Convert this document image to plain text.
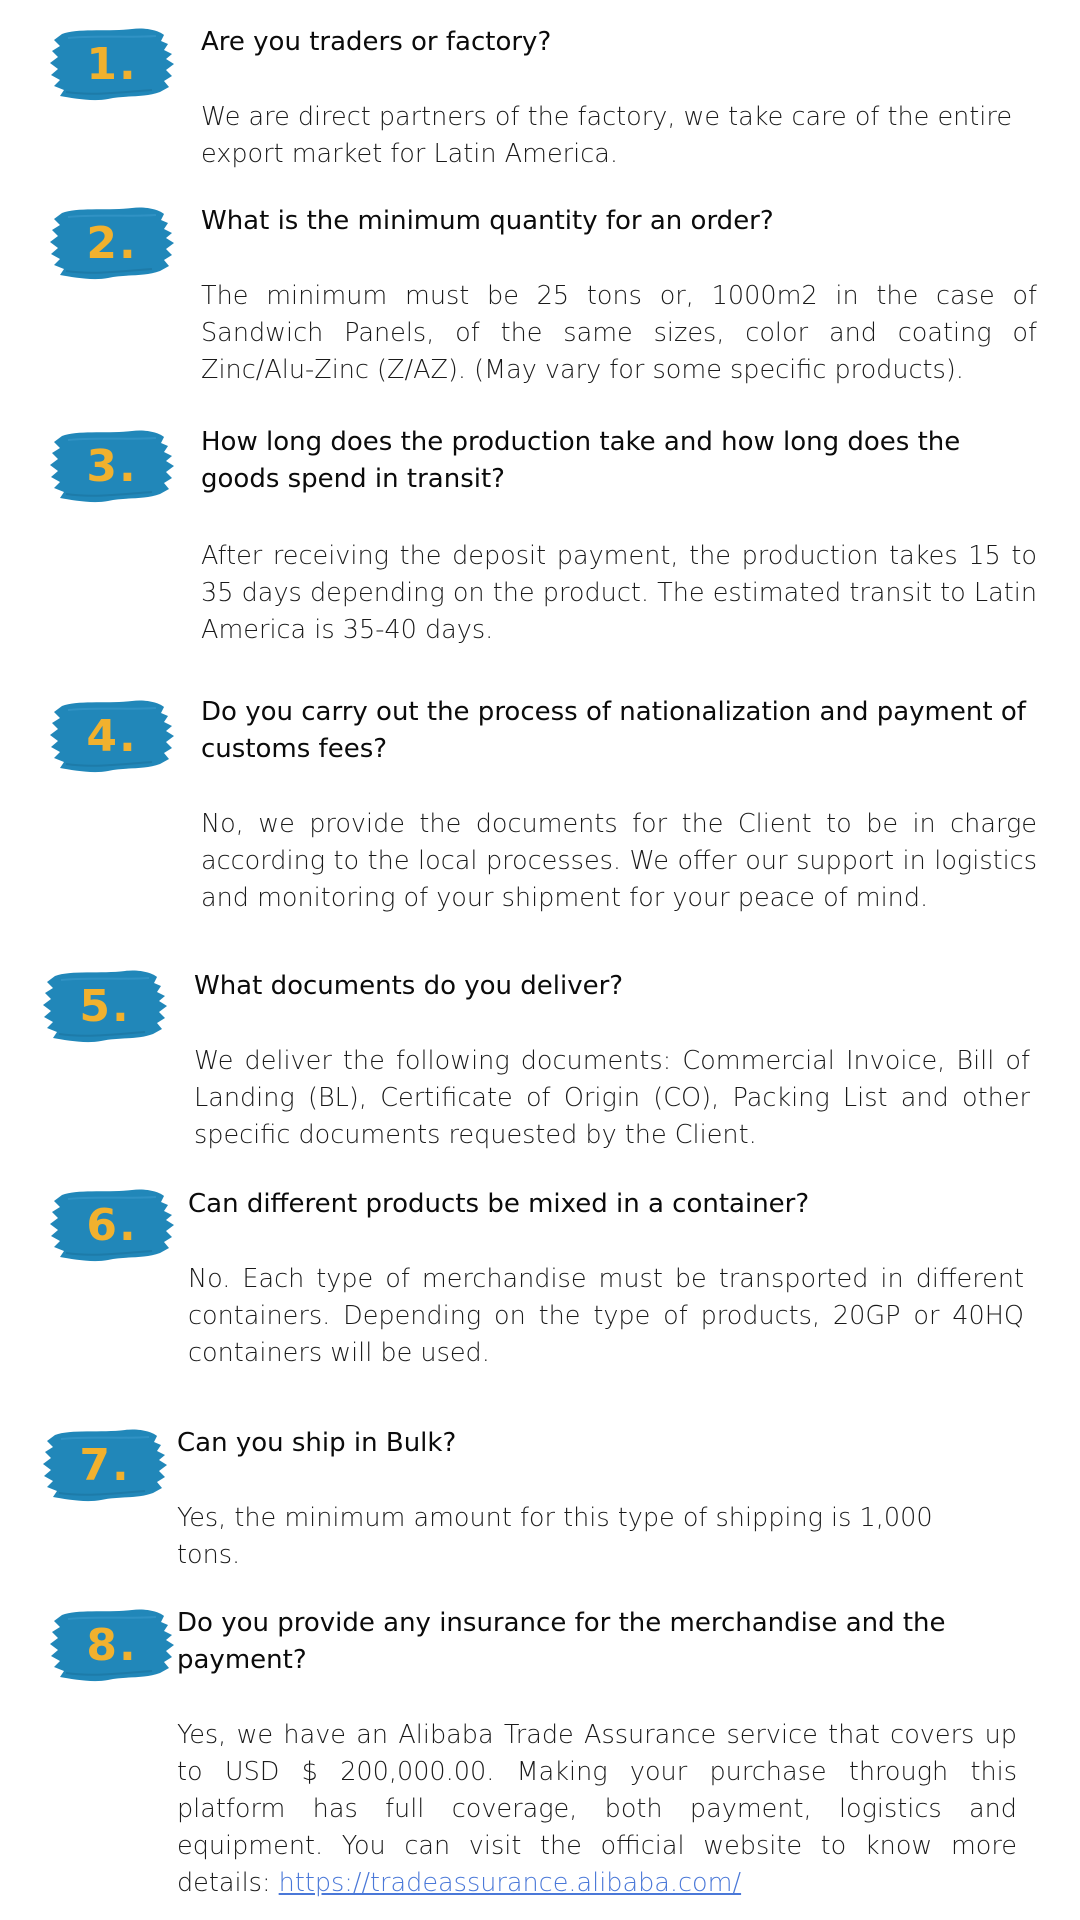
1.	Are you traders or factory?
We are direct partners of the factory, we take care of the entire export market for Latin America.
2.	What is the minimum quantity for an order?
The minimum must be 25 tons or, 1000m2 in the case of Sandwich Panels, of the same sizes, color and coating of Zinc/Alu-Zinc (Z/AZ). (May vary for some specific products).
3.	How long does the production take and how long does the goods spend in transit?
After receiving the deposit payment, the production takes 15 to 35 days depending on the product. The estimated transit to Latin America is 35-40 days.
4.	Do you carry out the process of nationalization and payment of customs fees?
No, we provide the documents for the Client to be in charge according to the local processes. We offer our support in logistics and monitoring of your shipment for your peace of mind.
5.	What documents do you deliver?
We deliver the following documents: Commercial Invoice, Bill of Landing (BL), Certificate of Origin (CO), Packing List and other specific documents requested by the Client.
6.	Can different products be mixed in a container?
No. Each type of merchandise must be transported in different containers. Depending on the type of products, 20GP or 40HQ containers will be used.
7.	Can you ship in Bulk?
Yes, the minimum amount for this type of shipping is 1,000 tons.
8.	Do you provide any insurance for the merchandise and the payment?
Yes, we have an Alibaba Trade Assurance service that covers up to USD $ 200,000.00. Making your purchase through this platform has full coverage, both payment, logistics and equipment. You can visit the official website to know more details: https://tradeassurance.alibaba.com/
